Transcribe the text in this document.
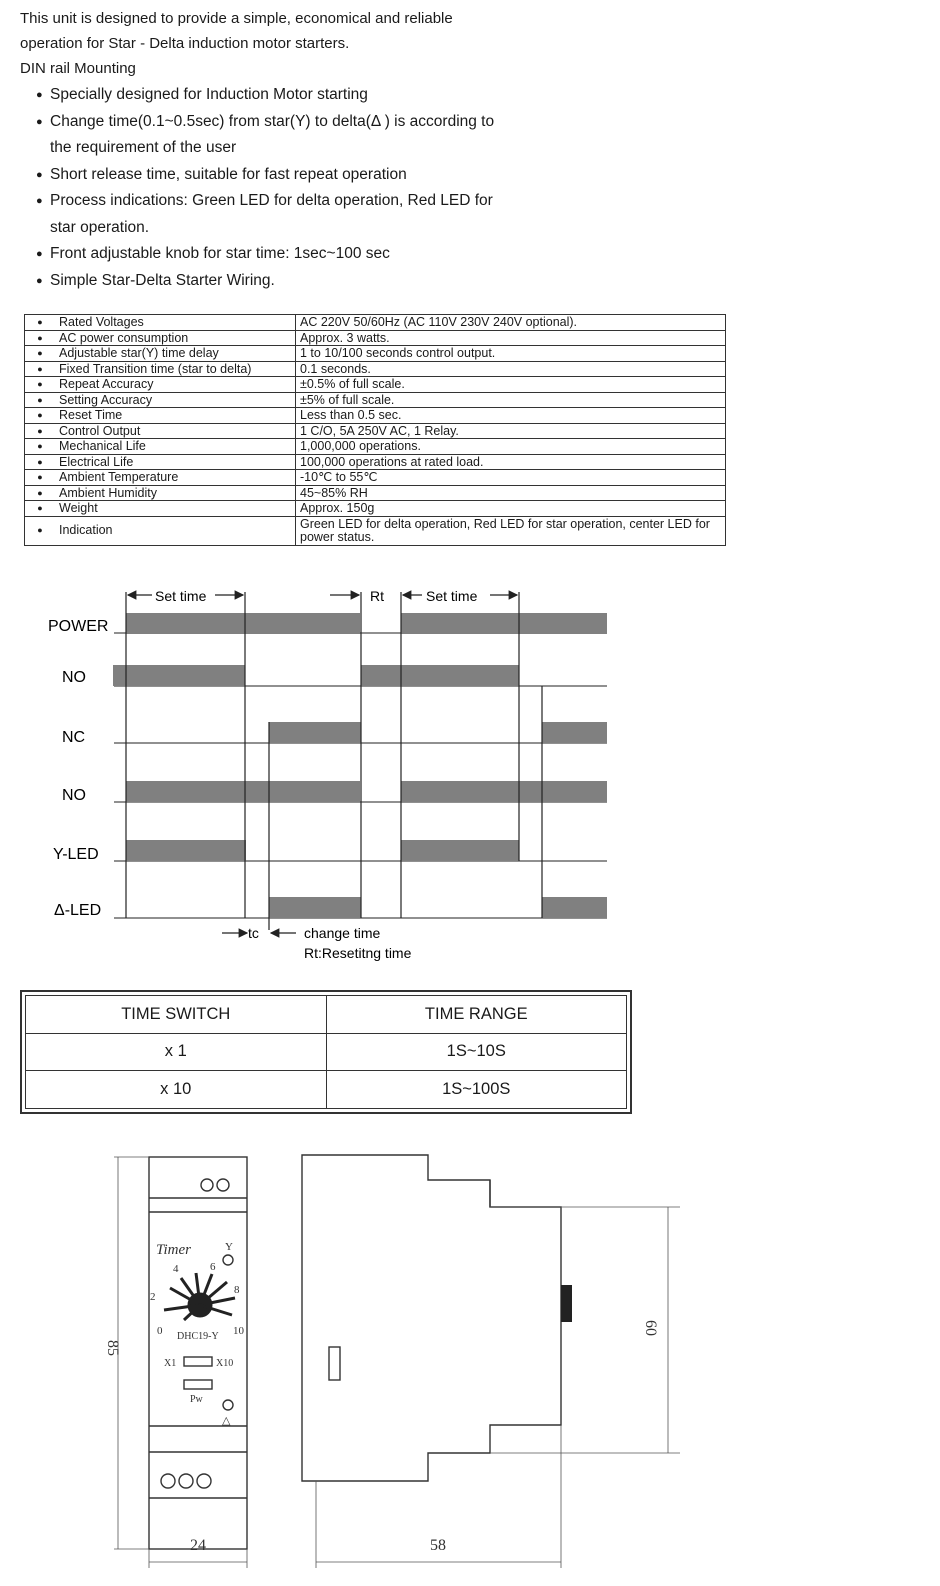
This unit is designed to provide a simple, economical and reliable

operation for Star - Delta induction motor starters.

DIN rail Mounting

● Specially designed for Induction Motor starting
● Change time(0.1~0.5sec) from star(Y) to delta(Δ ) is according to the requirement of the user
● Short release time, suitable for fast repeat operation
● Process indications: Green LED for delta operation, Red LED for star operation.
● Front adjustable knob for star time: 1sec~100 sec
● Simple Star-Delta Starter Wiring.
●	Rated Voltages	AC 220V 50/60Hz (AC 110V 230V 240V optional).
●	AC power consumption	Approx. 3 watts.
●	Adjustable star(Y) time delay	1 to 10/100 seconds control output.
●	Fixed Transition time (star to delta)	0.1 seconds.
●	Repeat Accuracy	±0.5% of full scale.
●	Setting Accuracy	±5% of full scale.
●	Reset Time	Less than 0.5 sec.
●	Control Output	1 C/O, 5A 250V AC, 1 Relay.
●	Mechanical Life	1,000,000 operations.
●	Electrical Life	100,000 operations at rated load.
●	Ambient Temperature	-10℃ to 55℃
●	Ambient Humidity	45~85% RH
●	Weight	Approx. 150g
●	Indication	Green LED for delta operation, Red LED for star operation, center LED for power status.
Set time	Rt	Set time
tc	change time
Rt:Resetitng time
POWER
NO
NC
NO
Y-LED
Δ-LED
TIME SWITCH	TIME RANGE
x 1	1S~10S
x 10	1S~100S
Timer	Y
0
2
4	6
8
10
DHC19-Y
X1	X10
Pw
△
85
24	58
60
